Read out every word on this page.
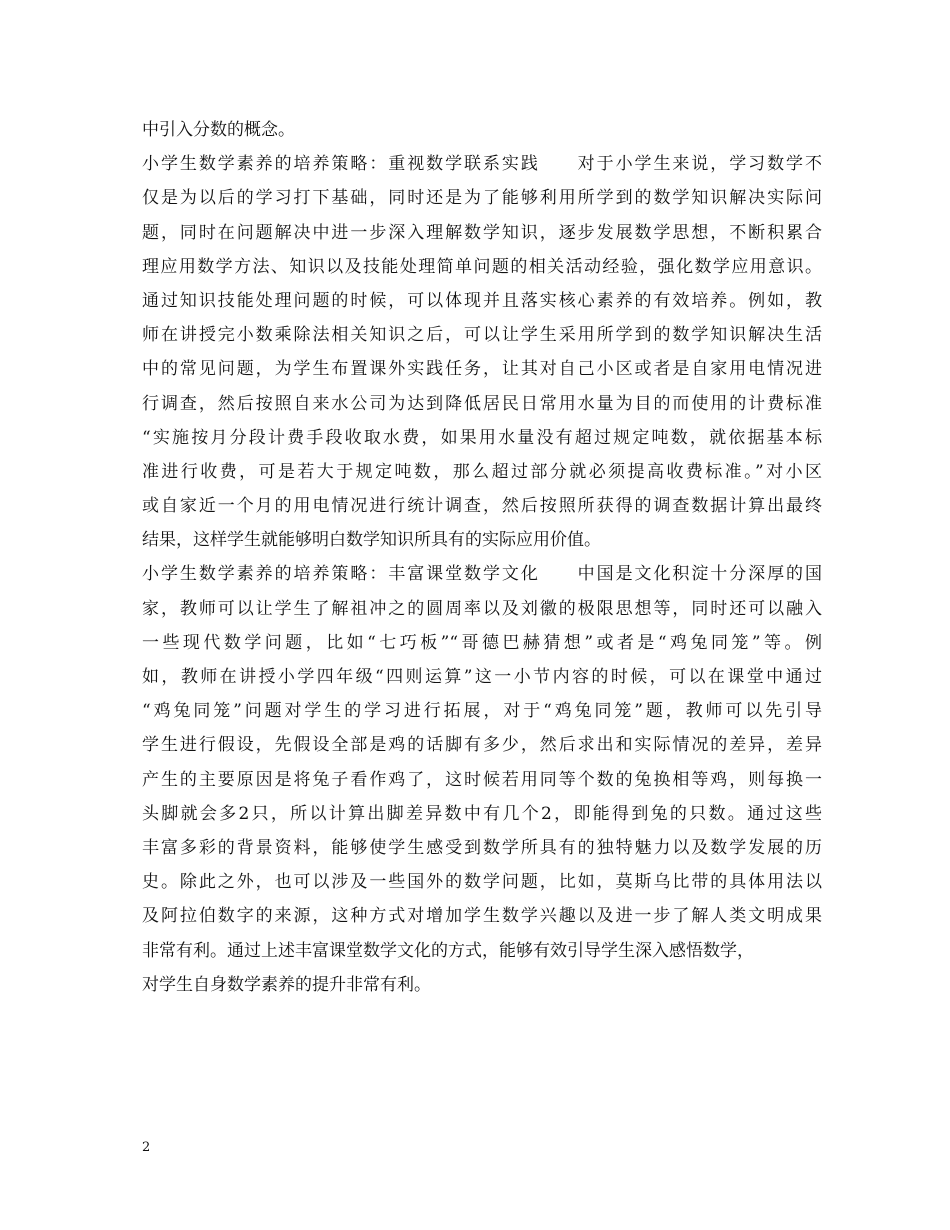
中引入分数的概念。
小学生数学素养的培养策略：重视数学联系实践　　对于小学生来说，学习数学不
仅是为以后的学习打下基础，同时还是为了能够利用所学到的数学知识解决实际问
题，同时在问题解决中进一步深入理解数学知识，逐步发展数学思想，不断积累合
理应用数学方法、知识以及技能处理简单问题的相关活动经验，强化数学应用意识。
通过知识技能处理问题的时候，可以体现并且落实核心素养的有效培养。例如，教
师在讲授完小数乘除法相关知识之后，可以让学生采用所学到的数学知识解决生活
中的常见问题，为学生布置课外实践任务，让其对自己小区或者是自家用电情况进
行调查，然后按照自来水公司为达到降低居民日常用水量为目的而使用的计费标准
“实施按月分段计费手段收取水费，如果用水量没有超过规定吨数，就依据基本标
准进行收费，可是若大于规定吨数，那么超过部分就必须提高收费标准。”对小区
或自家近一个月的用电情况进行统计调查，然后按照所获得的调查数据计算出最终
结果，这样学生就能够明白数学知识所具有的实际应用价值。
小学生数学素养的培养策略：丰富课堂数学文化　　中国是文化积淀十分深厚的国
家，教师可以让学生了解祖冲之的圆周率以及刘徽的极限思想等，同时还可以融入
一些现代数学问题，比如“七巧板”“哥德巴赫猜想”或者是“鸡兔同笼”等。例
如，教师在讲授小学四年级“四则运算”这一小节内容的时候，可以在课堂中通过
“鸡兔同笼”问题对学生的学习进行拓展，对于“鸡兔同笼”题，教师可以先引导
学生进行假设，先假设全部是鸡的话脚有多少，然后求出和实际情况的差异，差异
产生的主要原因是将兔子看作鸡了，这时候若用同等个数的兔换相等鸡，则每换一
头脚就会多2只，所以计算出脚差异数中有几个2，即能得到兔的只数。通过这些
丰富多彩的背景资料，能够使学生感受到数学所具有的独特魅力以及数学发展的历
史。除此之外，也可以涉及一些国外的数学问题，比如，莫斯乌比带的具体用法以
及阿拉伯数字的来源，这种方式对增加学生数学兴趣以及进一步了解人类文明成果
非常有利。通过上述丰富课堂数学文化的方式，能够有效引导学生深入感悟数学，
对学生自身数学素养的提升非常有利。
2
